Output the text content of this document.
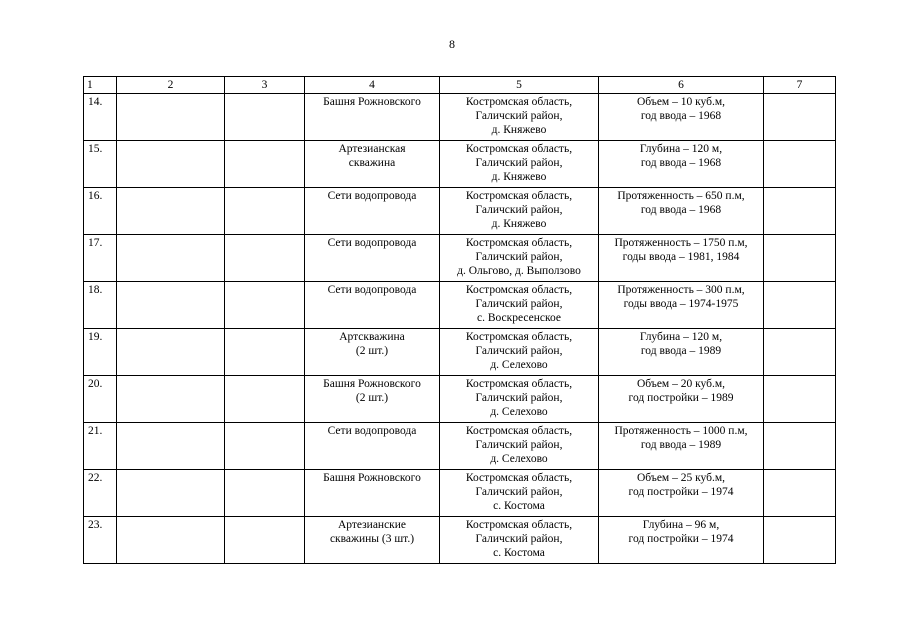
8
1	2	3	4	5	6	7
14.			Башня Рожновского	Костромская область,
Галичский район,
д. Княжево	Объем – 10 куб.м,
год ввода – 1968	

15.			Артезианская
скважина	Костромская область,
Галичский район,
д. Княжево	Глубина – 120 м,
год ввода – 1968	

16.			Сети водопровода	Костромская область,
Галичский район,
д. Княжево	Протяженность – 650 п.м,
год ввода – 1968	

17.			Сети водопровода	Костромская область,
Галичский район,
д. Ольгово, д. Выползово	Протяженность – 1750 п.м,
годы ввода – 1981, 1984	

18.			Сети водопровода	Костромская область,
Галичский район,
с. Воскресенское	Протяженность – 300 п.м,
годы ввода – 1974-1975	

19.			Артскважина
(2 шт.)	Костромская область,
Галичский район,
д. Селехово	Глубина – 120 м,
год ввода – 1989	

20.			Башня Рожновского
(2 шт.)	Костромская область,
Галичский район,
д. Селехово	Объем – 20 куб.м,
год постройки – 1989	

21.			Сети водопровода	Костромская область,
Галичский район,
д. Селехово	Протяженность – 1000 п.м,
год ввода – 1989	

22.			Башня Рожновского	Костромская область,
Галичский район,
с. Костома	Объем – 25 куб.м,
год постройки – 1974	

23.			Артезианские
скважины (3 шт.)	Костромская область,
Галичский район,
с. Костома	Глубина – 96 м,
год постройки – 1974	
